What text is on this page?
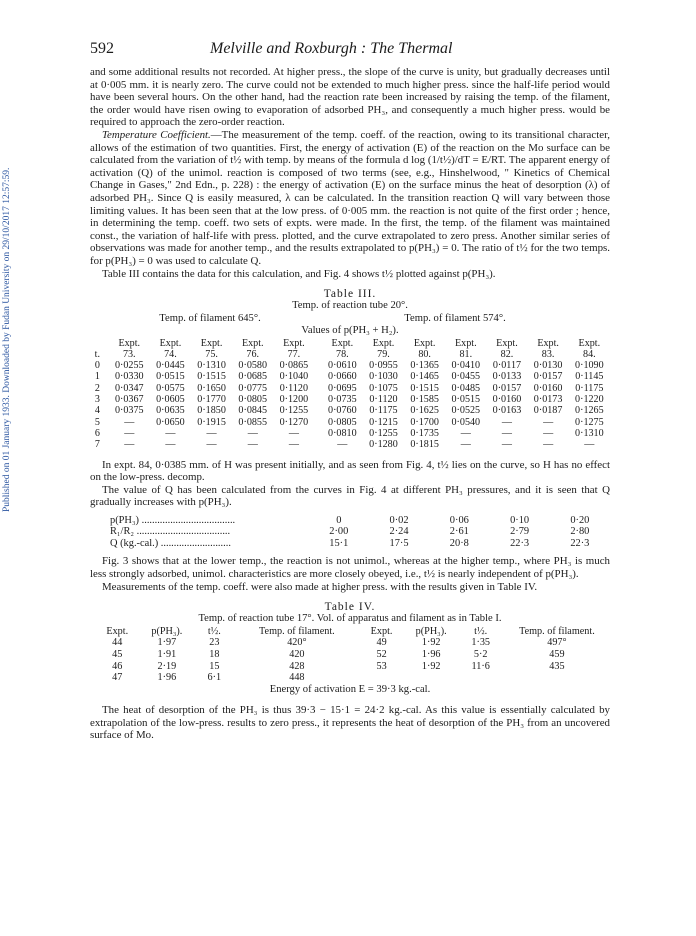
Published on 01 January 1933. Downloaded by Fudan University on 29/10/2017 12:57:59.
592	Melville and Roxburgh : The Thermal

and some additional results not recorded. At higher press., the slope of the curve is unity, but gradually decreases until at 0·005 mm. it is nearly zero. The curve could not be extended to much higher press. since the half-life period would have been several hours. On the other hand, had the reaction rate been increased by raising the temp. of the filament, the order would have risen owing to evaporation of adsorbed PH₃, and consequently a much higher press. would be required to approach the zero-order reaction.

Temperature Coefficient.—The measurement of the temp. coeff. of the reaction, owing to its transitional character, allows of the estimation of two quantities. First, the energy of activation (E) of the reaction on the Mo surface can be calculated from the variation of t½ with temp. by means of the formula d log (1/t½)/dT = E/RT. The apparent energy of activation (Q) of the unimol. reaction is composed of two terms (see, e.g., Hinshelwood, " Kinetics of Chemical Change in Gases," 2nd Edn., p. 228) : the energy of activation (E) on the surface minus the heat of desorption (λ) of adsorbed PH₃. Since Q is easily measured, λ can be calculated. In the transition reaction Q will vary between those limiting values. It has been seen that at the low press. of 0·005 mm. the reaction is not quite of the first order ; hence, in determining the temp. coeff. two sets of expts. were made. In the first, the temp. of the filament was maintained const., the variation of half-life with press. plotted, and the curve extrapolated to zero press. Another similar series of observations was made for another temp., and the results extrapolated to p(PH₃) = 0. The ratio of t½ for the two temps. for p(PH₃) = 0 was used to calculate Q.

Table III contains the data for this calculation, and Fig. 4 shows t½ plotted against p(PH₃).

Table III.
Temp. of reaction tube 20°.
Temp. of filament 645°.	Temp. of filament 574°.
Values of p(PH₃ + H₂).
	Expt.	Expt.	Expt.	Expt.	Expt.		Expt.	Expt.	Expt.	Expt.	Expt.	Expt.	Expt.
t.	73.	74.	75.	76.	77.		78.	79.	80.	81.	82.	83.	84.
0	0·0255	0·0445	0·1310	0·0580	0·0865		0·0610	0·0955	0·1365	0·0410	0·0117	0·0130	0·1090
1	0·0330	0·0515	0·1515	0·0685	0·1040		0·0660	0·1030	0·1465	0·0455	0·0133	0·0157	0·1145
2	0·0347	0·0575	0·1650	0·0775	0·1120		0·0695	0·1075	0·1515	0·0485	0·0157	0·0160	0·1175
3	0·0367	0·0605	0·1770	0·0805	0·1200		0·0735	0·1120	0·1585	0·0515	0·0160	0·0173	0·1220
4	0·0375	0·0635	0·1850	0·0845	0·1255		0·0760	0·1175	0·1625	0·0525	0·0163	0·0187	0·1265
5	—	0·0650	0·1915	0·0855	0·1270		0·0805	0·1215	0·1700	0·0540	—	—	0·1275
6	—	—	—	—	—		0·0810	0·1255	0·1735	—	—	—	0·1310
7	—	—	—	—	—		—	0·1280	0·1815	—	—	—	—

In expt. 84, 0·0385 mm. of H was present initially, and as seen from Fig. 4, t½ lies on the curve, so H has no effect on the low-press. decomp.

The value of Q has been calculated from the curves in Fig. 4 at different PH₃ pressures, and it is seen that Q gradually increases with p(PH₃).

p(PH₃) ....................................	0	0·02	0·06	0·10	0·20
R₁/R₂ ....................................	2·00	2·24	2·61	2·79	2·80
Q (kg.-cal.) ...........................	15·1	17·5	20·8	22·3	22·3

Fig. 3 shows that at the lower temp., the reaction is not unimol., whereas at the higher temp., where PH₃ is much less strongly adsorbed, unimol. characteristics are more closely obeyed, i.e., t½ is nearly independent of p(PH₃).

Measurements of the temp. coeff. were also made at higher press. with the results given in Table IV.

Table IV.
Temp. of reaction tube 17°. Vol. of apparatus and filament as in Table I.
Expt.	p(PH₃).	t½.	Temp. of filament.	Expt.	p(PH₃).	t½.	Temp. of filament.
44	1·97	23	420°	49	1·92	1·35	497°
45	1·91	18	420	52	1·96	5·2	459
46	2·19	15	428	53	1·92	11·6	435
47	1·96	6·1	448				
Energy of activation E = 39·3 kg.-cal.

The heat of desorption of the PH₃ is thus 39·3 − 15·1 = 24·2 kg.-cal. As this value is essentially calculated by extrapolation of the low-press. results to zero press., it represents the heat of desorption of the PH₃ from an uncovered surface of Mo.
